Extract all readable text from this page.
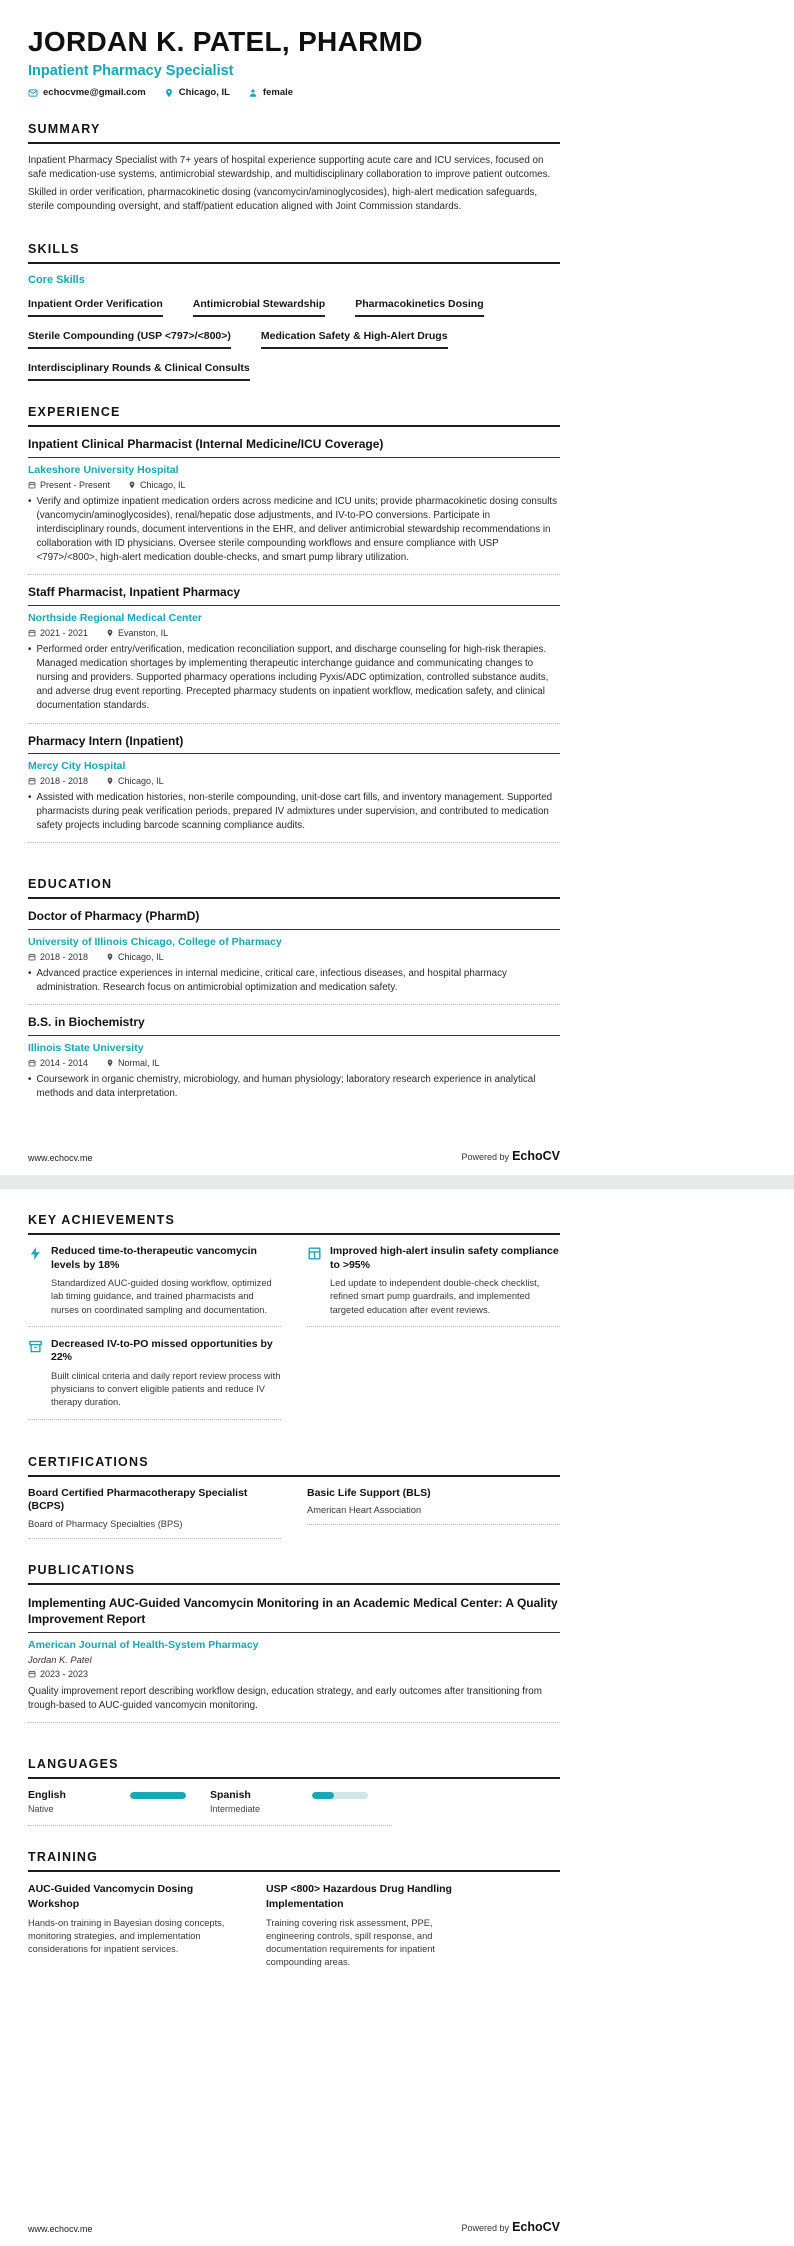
JORDAN K. PATEL, PHARMD
Inpatient Pharmacy Specialist
echocvme@gmail.com	Chicago, IL	female
SUMMARY

Inpatient Pharmacy Specialist with 7+ years of hospital experience supporting acute care and ICU services, focused on safe medication-use systems, antimicrobial stewardship, and multidisciplinary collaboration to improve patient outcomes.

Skilled in order verification, pharmacokinetic dosing (vancomycin/aminoglycosides), high-alert medication safeguards, sterile compounding oversight, and staff/patient education aligned with Joint Commission standards.

SKILLS
Core Skills
Inpatient Order Verification	Antimicrobial Stewardship	Pharmacokinetics Dosing
Sterile Compounding (USP <797>/<800>)	Medication Safety & High-Alert Drugs
Interdisciplinary Rounds & Clinical Consults
EXPERIENCE
Inpatient Clinical Pharmacist (Internal Medicine/ICU Coverage)
Lakeshore University Hospital
Present - Present	Chicago, IL
• Verify and optimize inpatient medication orders across medicine and ICU units; provide pharmacokinetic dosing consults (vancomycin/aminoglycosides), renal/hepatic dose adjustments, and IV-to-PO conversions. Participate in interdisciplinary rounds, document interventions in the EHR, and deliver antimicrobial stewardship recommendations in collaboration with ID physicians. Oversee sterile compounding workflows and ensure compliance with USP <797>/<800>, high-alert medication double-checks, and smart pump library utilization.
Staff Pharmacist, Inpatient Pharmacy
Northside Regional Medical Center
2021 - 2021	Evanston, IL
• Performed order entry/verification, medication reconciliation support, and discharge counseling for high-risk therapies. Managed medication shortages by implementing therapeutic interchange guidance and communicating changes to nursing and providers. Supported pharmacy operations including Pyxis/ADC optimization, controlled substance audits, and adverse drug event reporting. Precepted pharmacy students on inpatient workflow, medication safety, and clinical documentation standards.
Pharmacy Intern (Inpatient)
Mercy City Hospital
2018 - 2018	Chicago, IL
• Assisted with medication histories, non-sterile compounding, unit-dose cart fills, and inventory management. Supported pharmacists during peak verification periods, prepared IV admixtures under supervision, and contributed to medication safety projects including barcode scanning compliance audits.
EDUCATION
Doctor of Pharmacy (PharmD)
University of Illinois Chicago, College of Pharmacy
2018 - 2018	Chicago, IL
• Advanced practice experiences in internal medicine, critical care, infectious diseases, and hospital pharmacy administration. Research focus on antimicrobial optimization and medication safety.
B.S. in Biochemistry
Illinois State University
2014 - 2014	Normal, IL
• Coursework in organic chemistry, microbiology, and human physiology; laboratory research experience in analytical methods and data interpretation.
www.echocv.me	Powered by EchoCV
KEY ACHIEVEMENTS
Reduced time-to-therapeutic vancomycin levels by 18%
Standardized AUC-guided dosing workflow, optimized lab timing guidance, and trained pharmacists and nurses on coordinated sampling and documentation.
Improved high-alert insulin safety compliance to >95%
Led update to independent double-check checklist, refined smart pump guardrails, and implemented targeted education after event reviews.
Decreased IV-to-PO missed opportunities by 22%
Built clinical criteria and daily report review process with physicians to convert eligible patients and reduce IV therapy duration.
CERTIFICATIONS
Board Certified Pharmacotherapy Specialist (BCPS)
Board of Pharmacy Specialties (BPS)
Basic Life Support (BLS)
American Heart Association
PUBLICATIONS
Implementing AUC-Guided Vancomycin Monitoring in an Academic Medical Center: A Quality Improvement Report
American Journal of Health-System Pharmacy
Jordan K. Patel
2023 - 2023
Quality improvement report describing workflow design, education strategy, and early outcomes after transitioning from trough-based to AUC-guided vancomycin monitoring.
LANGUAGES
English
Native
Spanish
Intermediate
TRAINING
AUC-Guided Vancomycin Dosing Workshop
Hands-on training in Bayesian dosing concepts, monitoring strategies, and implementation considerations for inpatient services.
USP <800> Hazardous Drug Handling Implementation
Training covering risk assessment, PPE, engineering controls, spill response, and documentation requirements for inpatient compounding areas.
www.echocv.me	Powered by EchoCV
